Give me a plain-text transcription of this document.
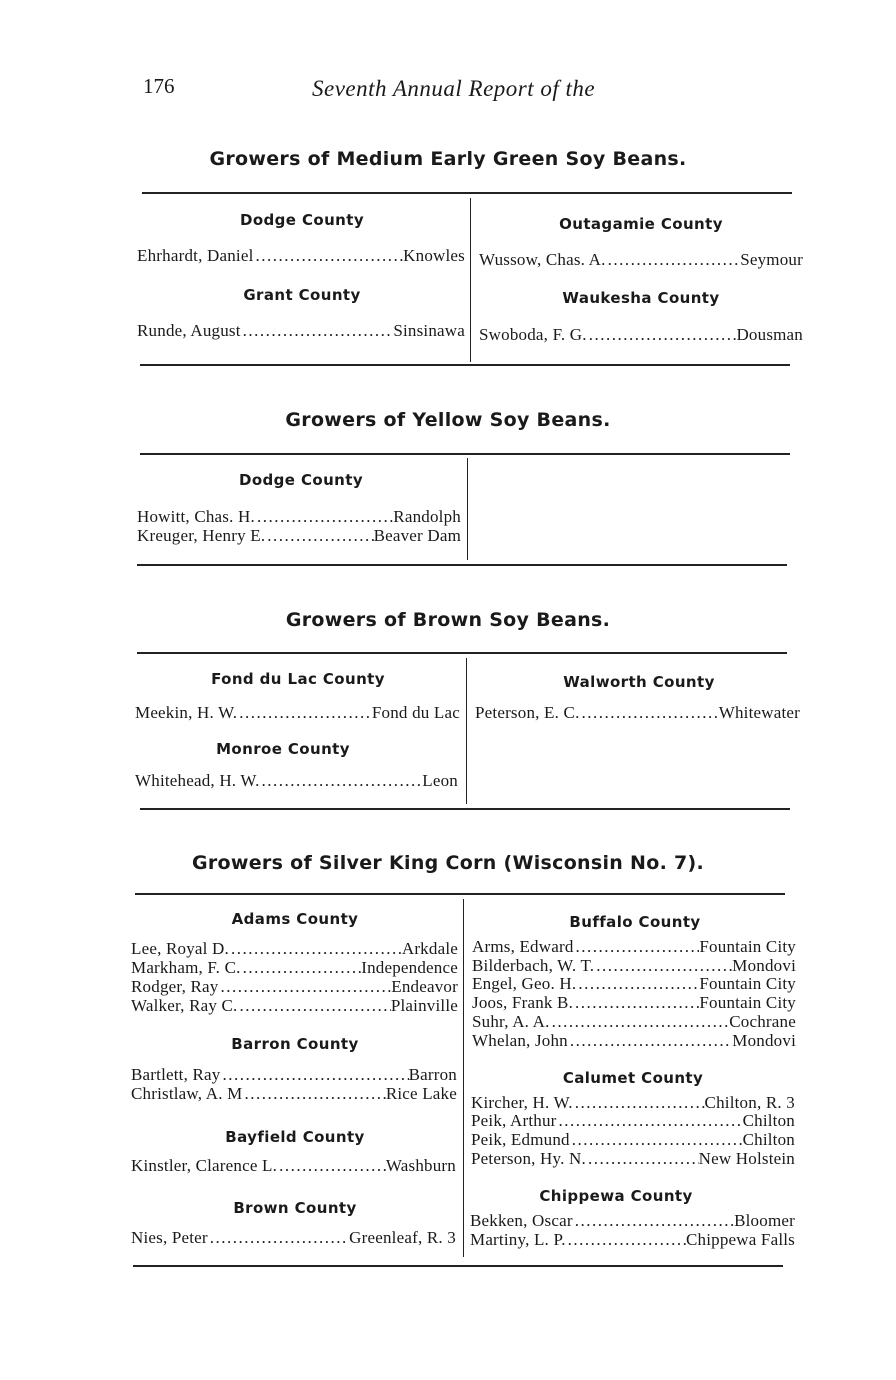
176	Seventh Annual Report of the
Growers of Medium Early Green Soy Beans.
Dodge County
Ehrhardt, Daniel .....	Knowles
Grant County
Runde, August .....	Sinsinawa
Outagamie County
Wussow, Chas. A. .....	Seymour
Waukesha County
Swoboda, F. G. .....	Dousman
Growers of Yellow Soy Beans.
Dodge County
Howitt, Chas. H. .....	Randolph
Kreuger, Henry E. .....	Beaver Dam
Growers of Brown Soy Beans.
Fond du Lac County
Meekin, H. W. .....	Fond du Lac
Monroe County
Whitehead, H. W. .....	Leon
Walworth County
Peterson, E. C. .....	Whitewater
Growers of Silver King Corn (Wisconsin No. 7).
Adams County
Lee, Royal D. .....	Arkdale
Markham, F. C. .....	Independence
Rodger, Ray .....	Endeavor
Walker, Ray C. .....	Plainville
Barron County
Bartlett, Ray .....	Barron
Christlaw, A. M .....	Rice Lake
Bayfield County
Kinstler, Clarence L. .....	Washburn
Brown County
Nies, Peter .....	Greenleaf, R. 3
Buffalo County
Arms, Edward .....	Fountain City
Bilderbach, W. T. .....	Mondovi
Engel, Geo. H. .....	Fountain City
Joos, Frank B. .....	Fountain City
Suhr, A. A. .....	Cochrane
Whelan, John .....	Mondovi
Calumet County
Kircher, H. W. .....	Chilton, R. 3
Peik, Arthur .....	Chilton
Peik, Edmund .....	Chilton
Peterson, Hy. N. .....	New Holstein
Chippewa County
Bekken, Oscar .....	Bloomer
Martiny, L. P. .....	Chippewa Falls
